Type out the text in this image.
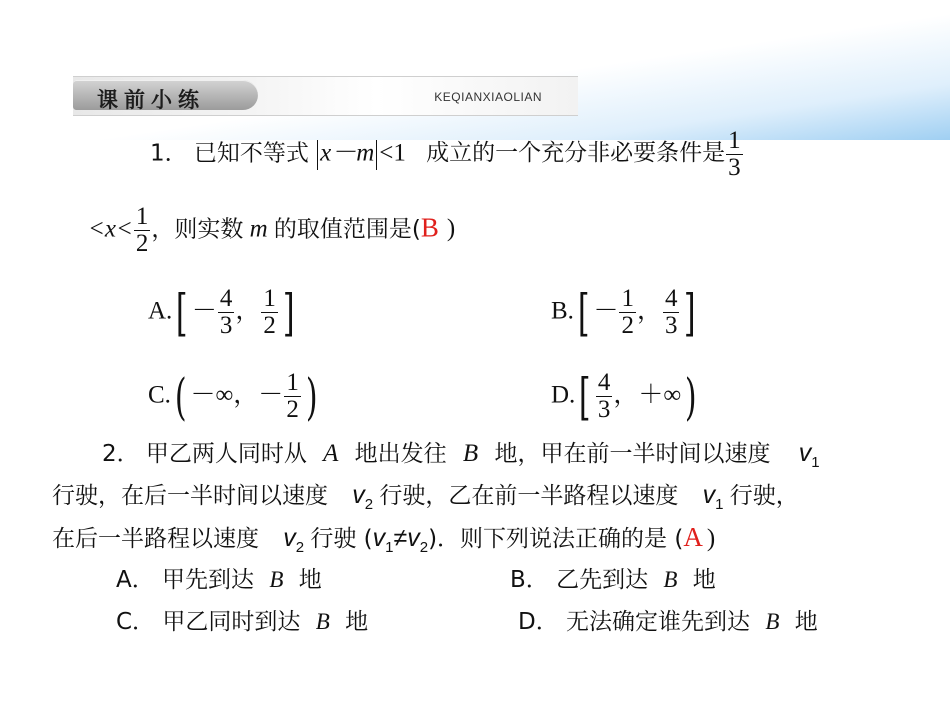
课前小练	KEQIANXIAOLIAN
1． 已知不等式 x－m <1 成立的一个充分非必要条件是 $\frac{1}{3}$
$<x< \frac{1}{2}$ ，则实数 m 的取值范围是(B )
$A.[ - \frac{4}{3}$ ， $\frac{1}{2}$ ]	$B.[ - \frac{1}{2}$ ， $\frac{4}{3}$ ]
C.( －∞，－ $\frac{1}{2}$ )	$D.[ \frac{4}{3}$ ，＋∞)
2． 甲乙两人同时从 A 地出发往 B 地，甲在前一半时间以速度 $v_1$
行驶，在后一半时间以速度 $v_2$ 行驶，乙在前一半路程以速度 $v_1$ 行驶，
在后一半路程以速度 $v_2$ 行驶 $(v_1\ne v_2)$．则下列说法正确的是 (A )
A． 甲先到达 B 地	B． 乙先到达 B 地
C． 甲乙同时到达 B 地	D． 无法确定谁先到达 B 地
